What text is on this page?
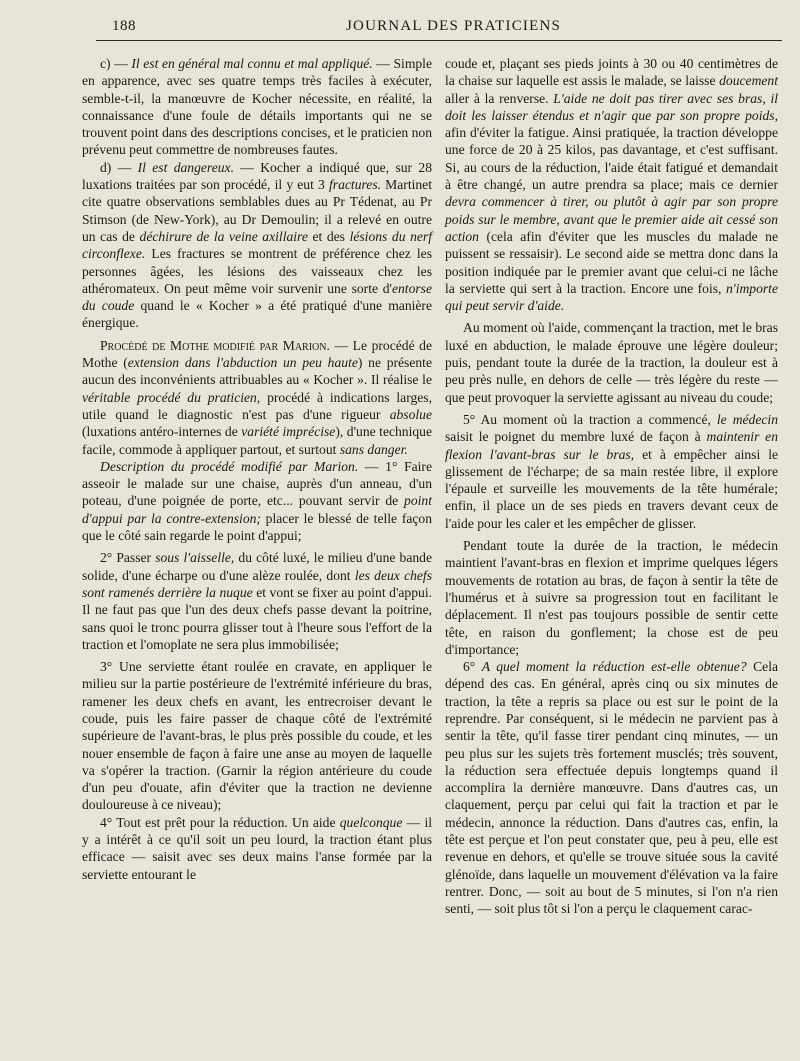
188	JOURNAL DES PRATICIENS

c) — Il est en général mal connu et mal appliqué. — Simple en apparence, avec ses quatre temps très faciles à exécuter, semble-t-il, la manœuvre de Kocher nécessite, en réalité, la connaissance d'une foule de détails importants qui ne se trouvent point dans des descriptions concises, et le praticien non prévenu peut commettre de nombreuses fautes.

d) — Il est dangereux. — Kocher a indiqué que, sur 28 luxations traitées par son procédé, il y eut 3 fractures. Martinet cite quatre observations semblables dues au Pr Tédenat, au Pr Stimson (de New-York), au Dr Demoulin; il a relevé en outre un cas de déchirure de la veine axillaire et des lésions du nerf circonflexe. Les fractures se montrent de préférence chez les personnes âgées, les lésions des vaisseaux chez les athéromateux. On peut même voir survenir une sorte d'entorse du coude quand le « Kocher » a été pratiqué d'une manière énergique.

Procédé de Mothe modifié par Marion. — Le procédé de Mothe (extension dans l'abduction un peu haute) ne présente aucun des inconvénients attribuables au « Kocher ». Il réalise le véritable procédé du praticien, procédé à indications larges, utile quand le diagnostic n'est pas d'une rigueur absolue (luxations antéro-internes de variété imprécise), d'une technique facile, commode à appliquer partout, et surtout sans danger.

Description du procédé modifié par Marion. — 1° Faire asseoir le malade sur une chaise, auprès d'un anneau, d'un poteau, d'une poignée de porte, etc... pouvant servir de point d'appui par la contre-extension; placer le blessé de telle façon que le côté sain regarde le point d'appui;

2° Passer sous l'aisselle, du côté luxé, le milieu d'une bande solide, d'une écharpe ou d'une alèze roulée, dont les deux chefs sont ramenés derrière la nuque et vont se fixer au point d'appui. Il ne faut pas que l'un des deux chefs passe devant la poitrine, sans quoi le tronc pourra glisser tout à l'heure sous l'effort de la traction et l'omoplate ne sera plus immobilisée;

3° Une serviette étant roulée en cravate, en appliquer le milieu sur la partie postérieure de l'extrémité inférieure du bras, ramener les deux chefs en avant, les entrecroiser devant le coude, puis les faire passer de chaque côté de l'extrémité supérieure de l'avant-bras, le plus près possible du coude, et les nouer ensemble de façon à faire une anse au moyen de laquelle va s'opérer la traction. (Garnir la région antérieure du coude d'un peu d'ouate, afin d'éviter que la traction ne devienne douloureuse à ce niveau);

4° Tout est prêt pour la réduction. Un aide quelconque — il y a intérêt à ce qu'il soit un peu lourd, la traction étant plus efficace — saisit avec ses deux mains l'anse formée par la serviette entourant le

coude et, plaçant ses pieds joints à 30 ou 40 centimètres de la chaise sur laquelle est assis le malade, se laisse doucement aller à la renverse. L'aide ne doit pas tirer avec ses bras, il doit les laisser étendus et n'agir que par son propre poids, afin d'éviter la fatigue. Ainsi pratiquée, la traction développe une force de 20 à 25 kilos, pas davantage, et c'est suffisant. Si, au cours de la réduction, l'aide était fatigué et demandait à être changé, un autre prendra sa place; mais ce dernier devra commencer à tirer, ou plutôt à agir par son propre poids sur le membre, avant que le premier aide ait cessé son action (cela afin d'éviter que les muscles du malade ne puissent se ressaisir). Le second aide se mettra donc dans la position indiquée par le premier avant que celui-ci ne lâche la serviette qui sert à la traction. Encore une fois, n'importe qui peut servir d'aide.

Au moment où l'aide, commençant la traction, met le bras luxé en abduction, le malade éprouve une légère douleur; puis, pendant toute la durée de la traction, la douleur est à peu près nulle, en dehors de celle — très légère du reste — que peut provoquer la serviette agissant au niveau du coude;

5° Au moment où la traction a commencé, le médecin saisit le poignet du membre luxé de façon à maintenir en flexion l'avant-bras sur le bras, et à empêcher ainsi le glissement de l'écharpe; de sa main restée libre, il explore l'épaule et surveille les mouvements de la tête humérale; enfin, il place un de ses pieds en travers devant ceux de l'aide pour les caler et les empêcher de glisser.

Pendant toute la durée de la traction, le médecin maintient l'avant-bras en flexion et imprime quelques légers mouvements de rotation au bras, de façon à sentir la tête de l'humérus et à suivre sa progression tout en facilitant le déplacement. Il n'est pas toujours possible de sentir cette tête, en raison du gonflement; la chose est de peu d'importance;

6° A quel moment la réduction est-elle obtenue? Cela dépend des cas. En général, après cinq ou six minutes de traction, la tête a repris sa place ou est sur le point de la reprendre. Par conséquent, si le médecin ne parvient pas à sentir la tête, qu'il fasse tirer pendant cinq minutes, — un peu plus sur les sujets très fortement musclés; très souvent, la réduction sera effectuée depuis longtemps quand il accomplira la dernière manœuvre. Dans d'autres cas, un claquement, perçu par celui qui fait la traction et par le médecin, annonce la réduction. Dans d'autres cas, enfin, la tête est perçue et l'on peut constater que, peu à peu, elle est revenue en dehors, et qu'elle se trouve située sous la cavité glénoïde, dans laquelle un mouvement d'élévation va la faire rentrer. Donc, — soit au bout de 5 minutes, si l'on n'a rien senti, — soit plus tôt si l'on a perçu le claquement carac-
